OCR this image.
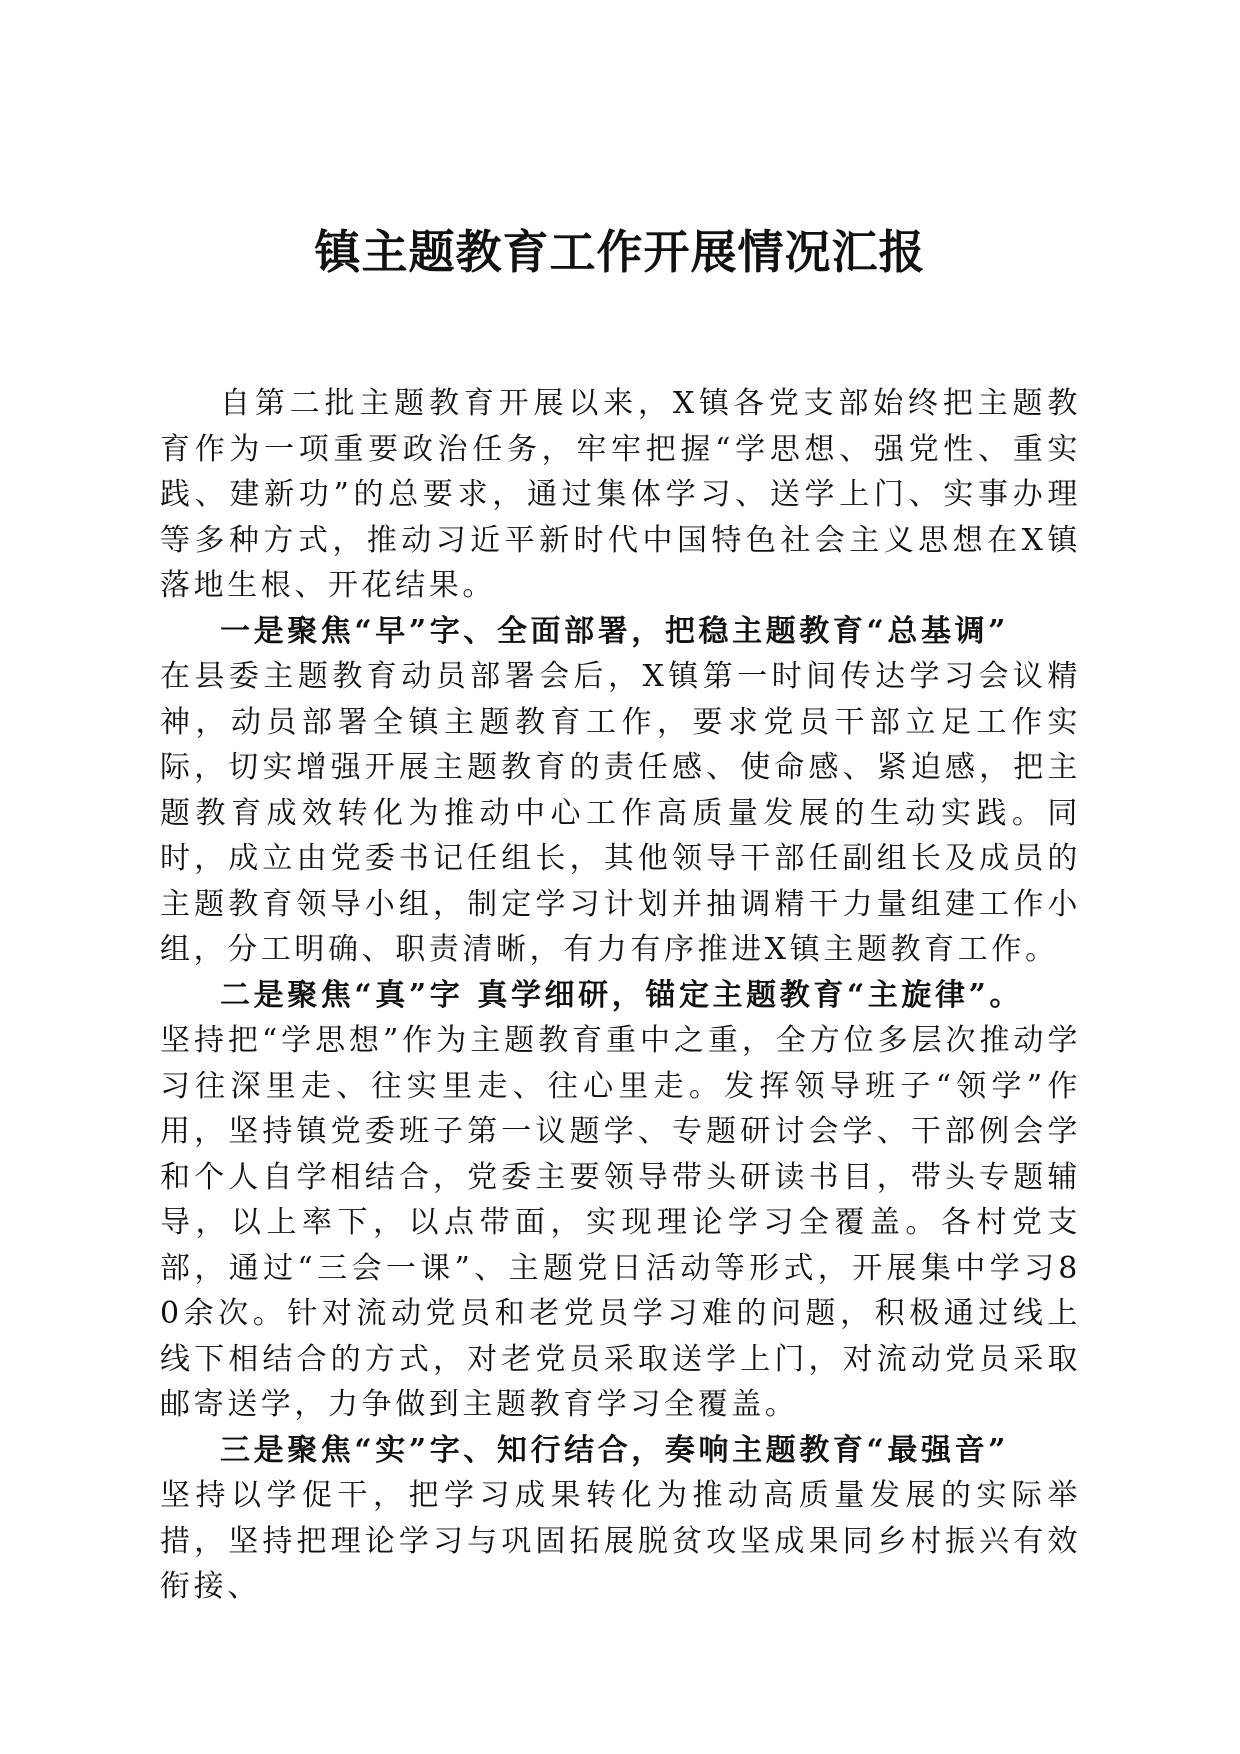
镇主题教育工作开展情况汇报

自第二批主题教育开展以来，X镇各党支部始终把主题教育作为一项重要政治任务，牢牢把握“学思想、强党性、重实践、建新功”的总要求，通过集体学习、送学上门、实事办理等多种方式，推动习近平新时代中国特色社会主义思想在X镇落地生根、开花结果。

一是聚焦“早”字、全面部署，把稳主题教育“总基调”
在县委主题教育动员部署会后，X镇第一时间传达学习会议精神，动员部署全镇主题教育工作，要求党员干部立足工作实际，切实增强开展主题教育的责任感、使命感、紧迫感，把主题教育成效转化为推动中心工作高质量发展的生动实践。同时，成立由党委书记任组长，其他领导干部任副组长及成员的主题教育领导小组，制定学习计划并抽调精干力量组建工作小组，分工明确、职责清晰，有力有序推进X镇主题教育工作。

二是聚焦“真”字 真学细研，锚定主题教育“主旋律”。
坚持把“学思想”作为主题教育重中之重，全方位多层次推动学习往深里走、往实里走、往心里走。发挥领导班子“领学”作用，坚持镇党委班子第一议题学、专题研讨会学、干部例会学和个人自学相结合，党委主要领导带头研读书目，带头专题辅导，以上率下，以点带面，实现理论学习全覆盖。各村党支部，通过“三会一课”、主题党日活动等形式，开展集中学习80余次。针对流动党员和老党员学习难的问题，积极通过线上线下相结合的方式，对老党员采取送学上门，对流动党员采取邮寄送学，力争做到主题教育学习全覆盖。

三是聚焦“实”字、知行结合，奏响主题教育“最强音”
坚持以学促干，把学习成果转化为推动高质量发展的实际举措，坚持把理论学习与巩固拓展脱贫攻坚成果同乡村振兴有效衔接、
